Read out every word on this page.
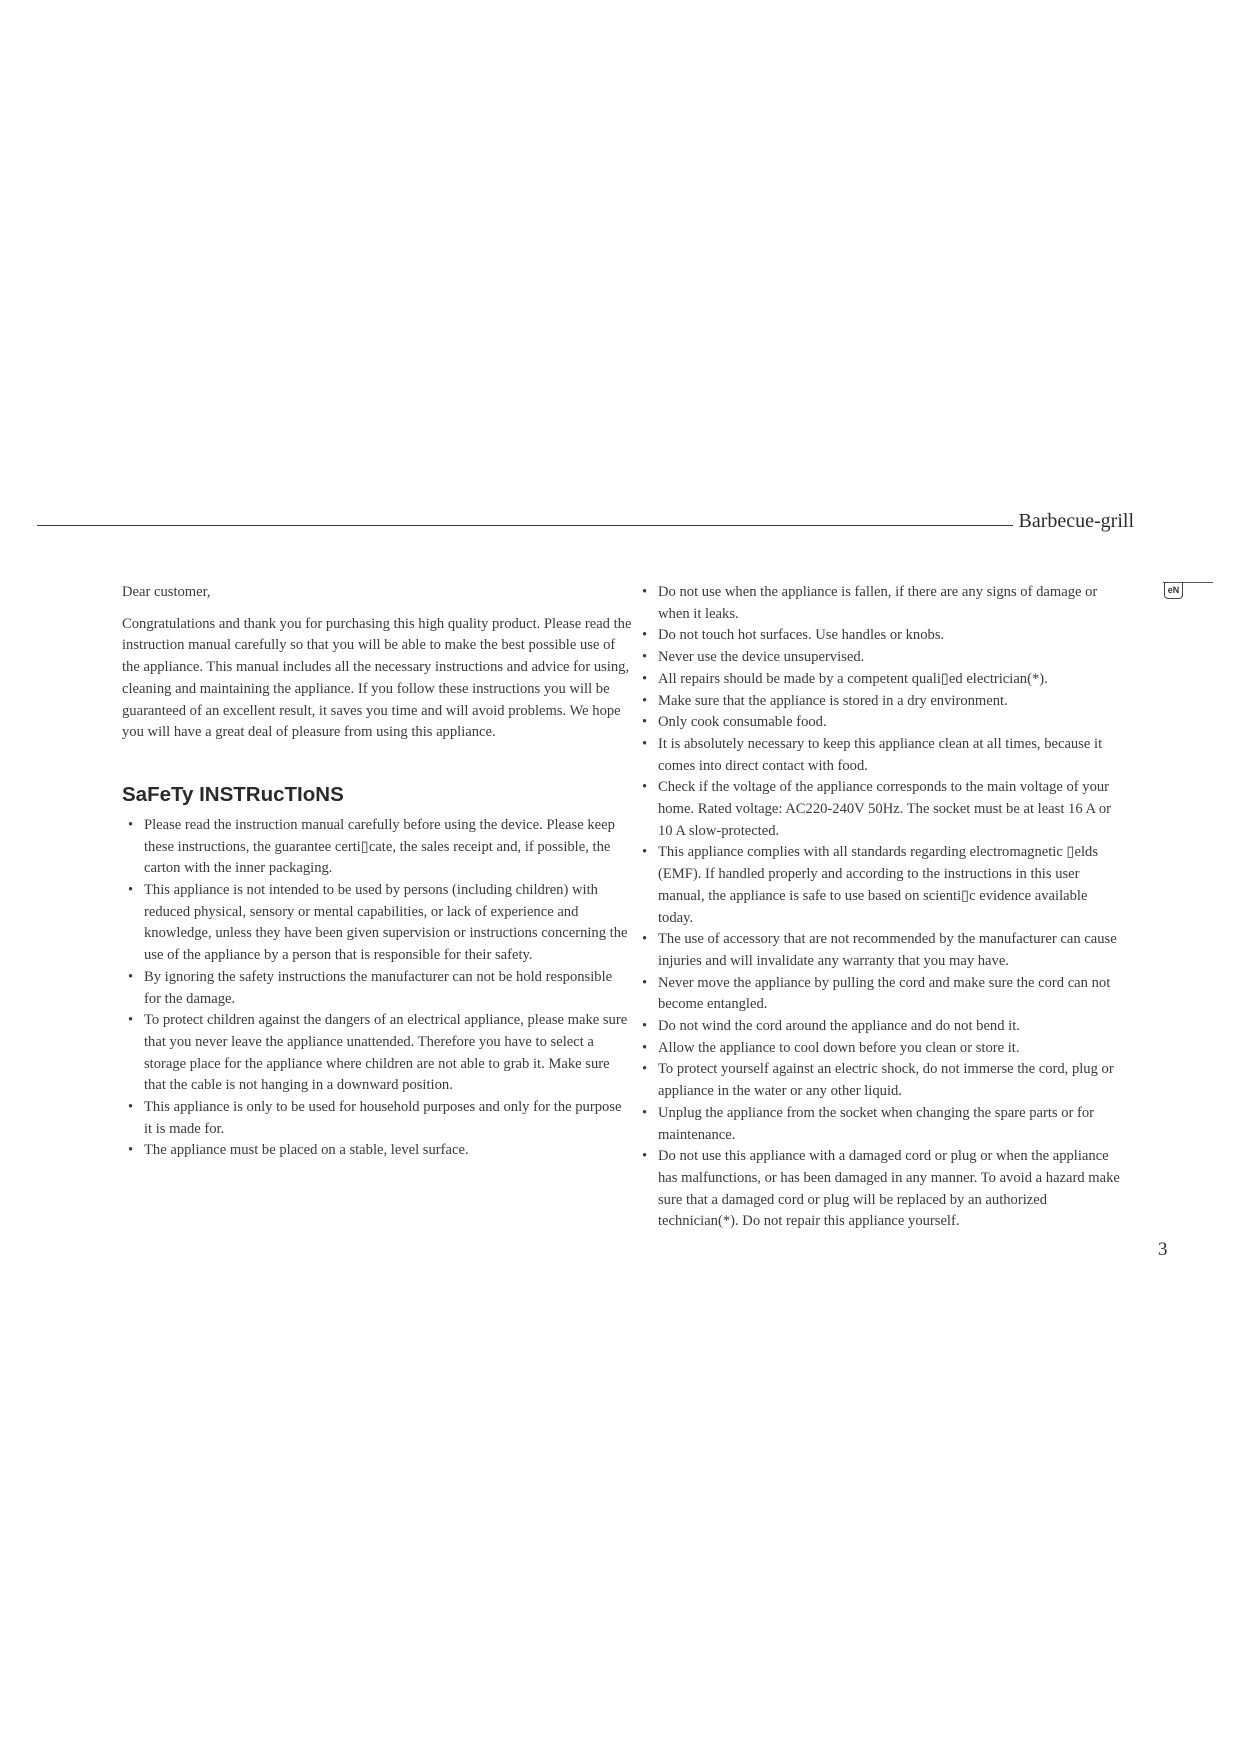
Barbecue-grill
eN

Dear customer,

Congratulations and thank you for purchasing this high quality product. Please read the instruction manual carefully so that you will be able to make the best possible use of the appliance. This manual includes all the necessary instructions and advice for using, cleaning and maintaining the appliance. If you follow these instructions you will be guaranteed of an excellent result, it saves you time and will avoid problems. We hope you will have a great deal of pleasure from using this appliance.

SaFeTy INSTRucTIoNS
• Please read the instruction manual carefully before using the device. Please keep these instructions, the guarantee certi▯cate, the sales receipt and, if possible, the carton with the inner packaging.
• This appliance is not intended to be used by persons (including children) with reduced physical, sensory or mental capabilities, or lack of experience and knowledge, unless they have been given supervision or instructions concerning the use of the appliance by a person that is responsible for their safety.
• By ignoring the safety instructions the manufacturer can not be hold responsible for the damage.
• To protect children against the dangers of an electrical appliance, please make sure that you never leave the appliance unattended. Therefore you have to select a storage place for the appliance where children are not able to grab it. Make sure that the cable is not hanging in a downward position.
• This appliance is only to be used for household purposes and only for the purpose it is made for.
• The appliance must be placed on a stable, level surface.
• Do not use when the appliance is fallen, if there are any signs of damage or when it leaks.
• Do not touch hot surfaces. Use handles or knobs.
• Never use the device unsupervised.
• All repairs should be made by a competent quali▯ed electrician(*).
• Make sure that the appliance is stored in a dry environment.
• Only cook consumable food.
• It is absolutely necessary to keep this appliance clean at all times, because it comes into direct contact with food.
• Check if the voltage of the appliance corresponds to the main voltage of your home. Rated voltage: AC220-240V 50Hz. The socket must be at least 16 A or 10 A slow-protected.
• This appliance complies with all standards regarding electromagnetic ▯elds (EMF). If handled properly and according to the instructions in this user manual, the appliance is safe to use based on scienti▯c evidence available today.
• The use of accessory that are not recommended by the manufacturer can cause injuries and will invalidate any warranty that you may have.
• Never move the appliance by pulling the cord and make sure the cord can not become entangled.
• Do not wind the cord around the appliance and do not bend it.
• Allow the appliance to cool down before you clean or store it.
• To protect yourself against an electric shock, do not immerse the cord, plug or appliance in the water or any other liquid.
• Unplug the appliance from the socket when changing the spare parts or for maintenance.
• Do not use this appliance with a damaged cord or plug or when the appliance has malfunctions, or has been damaged in any manner. To avoid a hazard make sure that a damaged cord or plug will be replaced by an authorized technician(*). Do not repair this appliance yourself.
3
